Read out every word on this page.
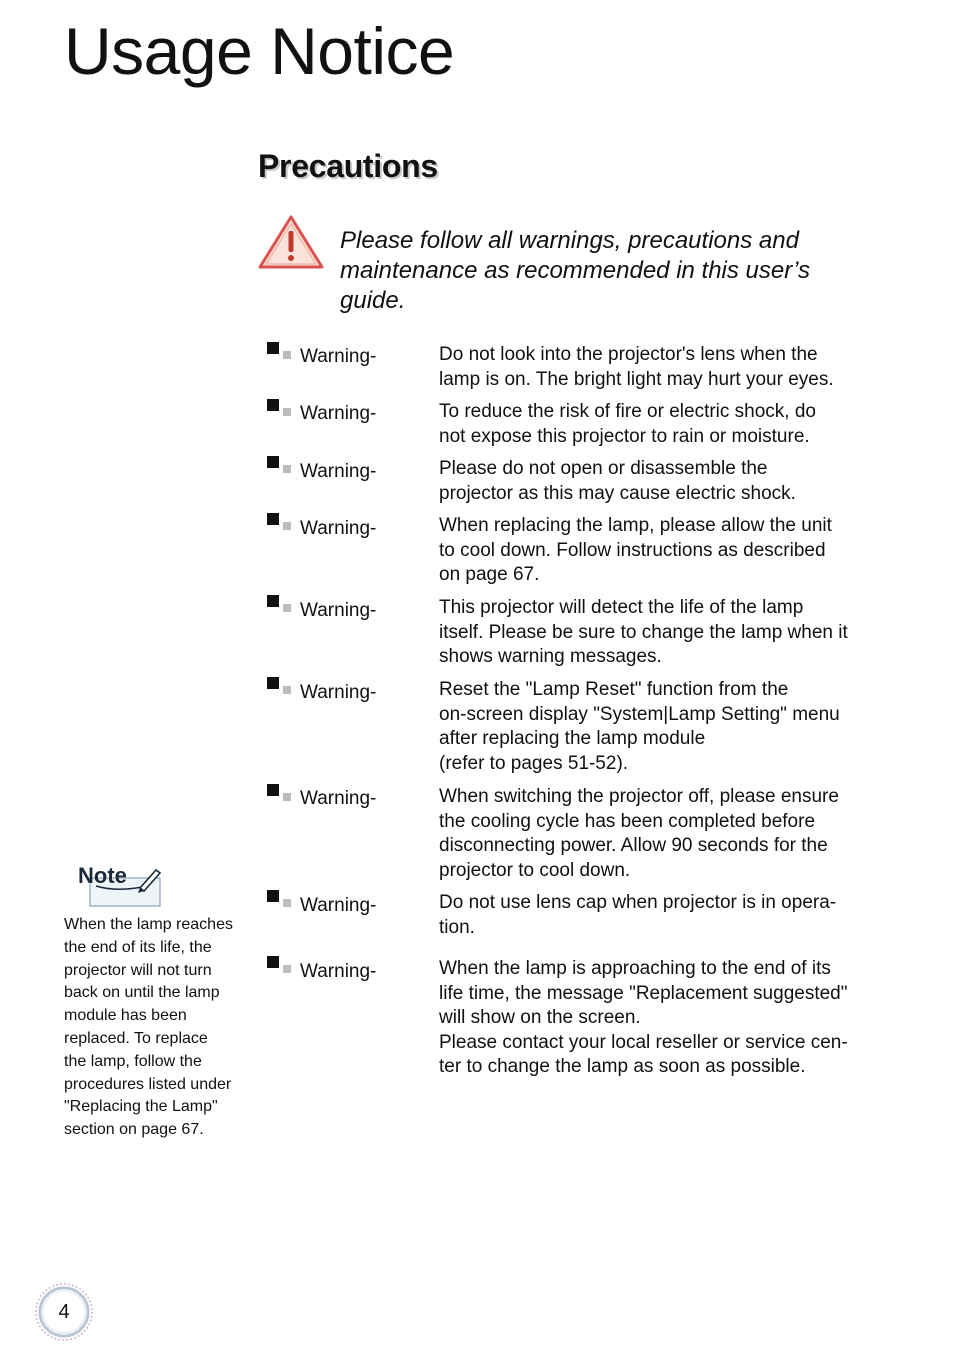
Usage Notice
Precautions

Please follow all warnings, precautions and maintenance as recommended in this user’s guide.

Warning-	Do not look into the projector's lens when the
lamp is on. The bright light may hurt your eyes.
Warning-	To reduce the risk of fire or electric shock, do
not expose this projector to rain or moisture.
Warning-	Please do not open or disassemble the
projector as this may cause electric shock.
Warning-	When replacing the lamp, please allow the unit
to cool down. Follow instructions as described
on page 67.
Warning-	This projector will detect the life of the lamp
itself. Please be sure to change the lamp when it
shows warning messages.
Warning-	Reset the "Lamp Reset" function from the
on-screen display "System|Lamp Setting" menu
after replacing the lamp module
(refer to pages 51-52).
Warning-	When switching the projector off, please ensure
the cooling cycle has been completed before
disconnecting power. Allow 90 seconds for the
projector to cool down.
Warning-	Do not use lens cap when projector is in opera-
tion.
Warning-	When the lamp is approaching to the end of its
life time, the message "Replacement suggested"
will show on the screen.
Please contact your local reseller or service cen-
ter to change the lamp as soon as possible.
Note
When the lamp reaches
the end of its life, the
projector will not turn
back on until the lamp
module has been
replaced. To replace
the lamp, follow the
procedures listed under
"Replacing the Lamp"
section on page 67.
4
